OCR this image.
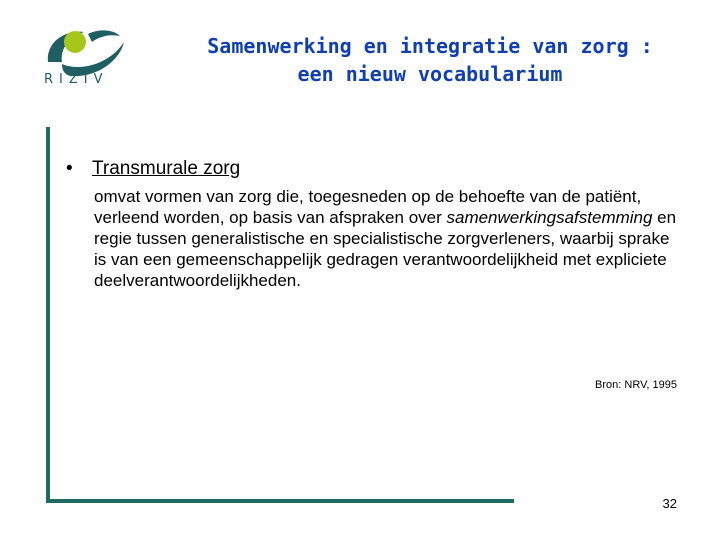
RIZIV
Samenwerking en integratie van zorg :
een nieuw vocabularium
• Transmurale zorg
omvat vormen van zorg die, toegesneden op de behoefte van de patiënt, verleend worden, op basis van afspraken over samenwerkingsafstemming en regie tussen generalistische en specialistische zorgverleners, waarbij sprake is van een gemeenschappelijk gedragen verantwoordelijkheid met expliciete deelverantwoordelijkheden.
Bron: NRV, 1995
32
